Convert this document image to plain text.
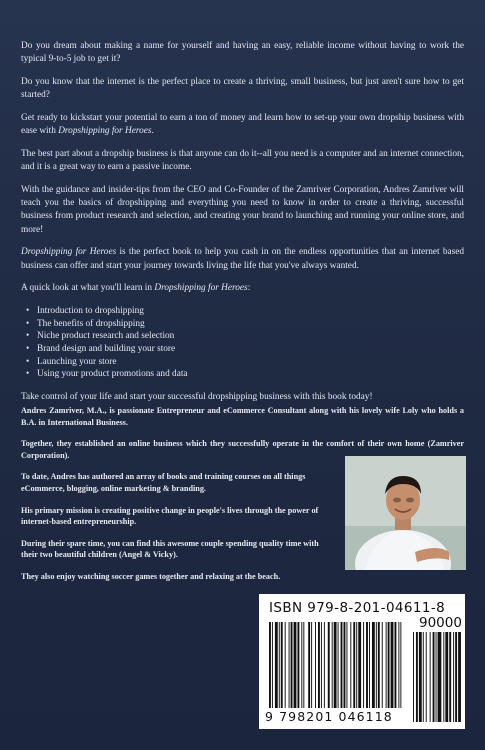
Do you dream about making a name for yourself and having an easy, reliable income without having to work the typical 9-to-5 job to get it?

Do you know that the internet is the perfect place to create a thriving, small business, but just aren't sure how to get started?

Get ready to kickstart your potential to earn a ton of money and learn how to set-up your own dropship business with ease with Dropshipping for Heroes.

The best part about a dropship business is that anyone can do it--all you need is a computer and an internet connection, and it is a great way to earn a passive income.

With the guidance and insider-tips from the CEO and Co-Founder of the Zamriver Corporation, Andres Zamriver will teach you the basics of dropshipping and everything you need to know in order to create a thriving, successful business from product research and selection, and creating your brand to launching and running your online store, and more!

Dropshipping for Heroes is the perfect book to help you cash in on the endless opportunities that an internet based business can offer and start your journey towards living the life that you've always wanted.

A quick look at what you'll learn in Dropshipping for Heroes:

• Introduction to dropshipping
• The benefits of dropshipping
• Niche product research and selection
• Brand design and building your store
• Launching your store
• Using your product promotions and data

Take control of your life and start your successful dropshipping business with this book today!

Andres Zamriver, M.A., is passionate Entrepreneur and eCommerce Consultant along with his lovely wife Loly who holds a B.A. in International Business.

Together, they established an online business which they successfully operate in the comfort of their own home (Zamriver Corporation).

To date, Andres has authored an array of books and training courses on all things eCommerce, blogging, online marketing & branding.

His primary mission is creating positive change in people's lives through the power of internet-based entrepreneurship.

During their spare time, you can find this awesome couple spending quality time with their two beautiful children (Angel & Vicky).

They also enjoy watching soccer games together and relaxing at the beach.

ISBN 979-8-201-04611-8
90000
9 798201 046118
